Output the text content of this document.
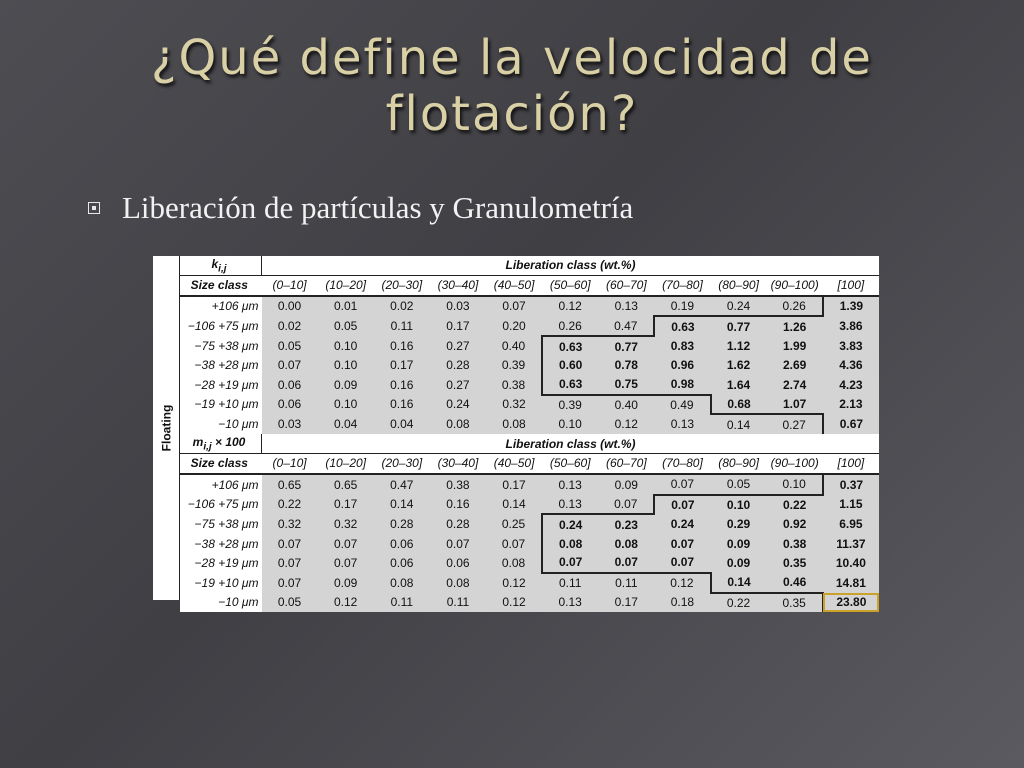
¿Qué define la velocidad de
flotación?
Liberación de partículas y Granulometría
Floating
$k_{i,j}$	Liberation class (wt.%)										
Size class	(0–10]	(10–20]	(20–30]	(30–40]	(40–50]	(50–60]	(60–70]	(70–80]	(80–90]	(90–100)	[100]
+106 μm	0.00	0.01	0.02	0.03	0.07	0.12	0.13	0.19	0.24	0.26	1.39
−106 +75 μm	0.02	0.05	0.11	0.17	0.20	0.26	0.47	0.63	0.77	1.26	3.86
−75 +38 μm	0.05	0.10	0.16	0.27	0.40	0.63	0.77	0.83	1.12	1.99	3.83
−38 +28 μm	0.07	0.10	0.17	0.28	0.39	0.60	0.78	0.96	1.62	2.69	4.36
−28 +19 μm	0.06	0.09	0.16	0.27	0.38	0.63	0.75	0.98	1.64	2.74	4.23
−19 +10 μm	0.06	0.10	0.16	0.24	0.32	0.39	0.40	0.49	0.68	1.07	2.13
−10 μm	0.03	0.04	0.04	0.08	0.08	0.10	0.12	0.13	0.14	0.27	0.67
$m_{i,j} \times 100$	Liberation class (wt.%)										
Size class	(0–10]	(10–20]	(20–30]	(30–40]	(40–50]	(50–60]	(60–70]	(70–80]	(80–90]	(90–100)	[100]
+106 μm	0.65	0.65	0.47	0.38	0.17	0.13	0.09	0.07	0.05	0.10	0.37
−106 +75 μm	0.22	0.17	0.14	0.16	0.14	0.13	0.07	0.07	0.10	0.22	1.15
−75 +38 μm	0.32	0.32	0.28	0.28	0.25	0.24	0.23	0.24	0.29	0.92	6.95
−38 +28 μm	0.07	0.07	0.06	0.07	0.07	0.08	0.08	0.07	0.09	0.38	11.37
−28 +19 μm	0.07	0.07	0.06	0.06	0.08	0.07	0.07	0.07	0.09	0.35	10.40
−19 +10 μm	0.07	0.09	0.08	0.08	0.12	0.11	0.11	0.12	0.14	0.46	14.81
−10 μm	0.05	0.12	0.11	0.11	0.12	0.13	0.17	0.18	0.22	0.35	23.80
